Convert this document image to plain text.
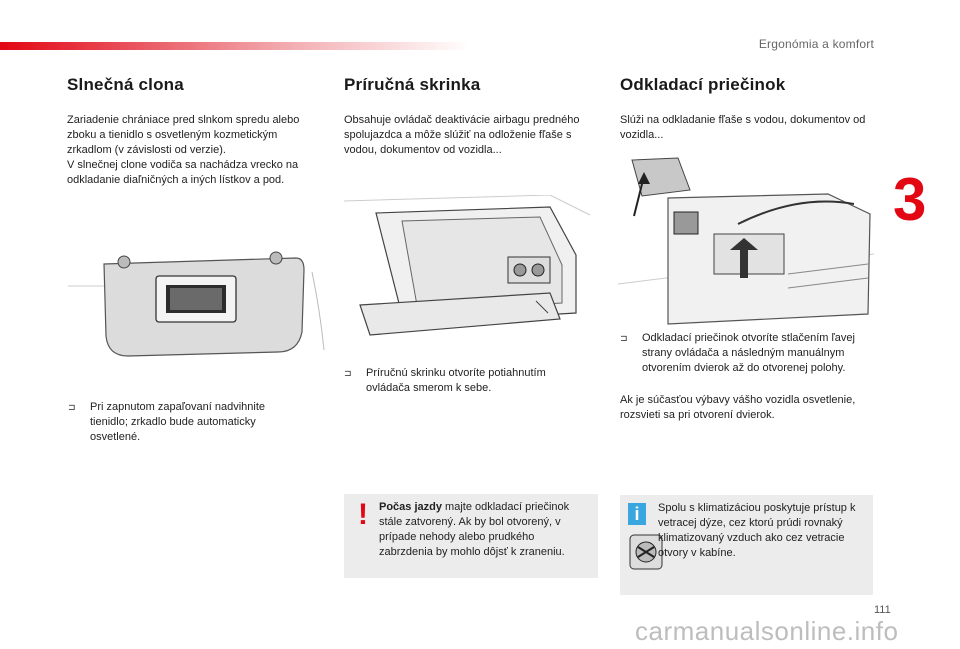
Ergonómia a komfort
3
Slnečná clona

Zariadenie chrániace pred slnkom spredu alebo zboku a tienidlo s osvetleným kozmetickým zrkadlom (v závislosti od verzie).

V slnečnej clone vodiča sa nachádza vrecko na odkladanie diaľničných a iných lístkov a pod.

⊐	Pri zapnutom zapaľovaní nadvihnite tienidlo; zrkadlo bude automaticky osvetlené.
Príručná skrinka

Obsahuje ovládač deaktivácie airbagu predného spolujazdca a môže slúžiť na odloženie fľaše s vodou, dokumentov od vozidla...

⊐	Príručnú skrinku otvoríte potiahnutím ovládača smerom k sebe.
! Počas jazdy majte odkladací priečinok stále zatvorený. Ak by bol otvorený, v prípade nehody alebo prudkého zabrzdenia by mohlo dôjsť k zraneniu.
Odkladací priečinok

Slúži na odkladanie fľaše s vodou, dokumentov od vozidla...

⊐	Odkladací priečinok otvoríte stlačením ľavej strany ovládača a následným manuálnym otvorením dvierok až do otvorenej polohy.

Ak je súčasťou výbavy vášho vozidla osvetlenie, rozsvieti sa pri otvorení dvierok.

i	Spolu s klimatizáciou poskytuje prístup k vetracej dýze, cez ktorú prúdi rovnaký klimatizovaný vzduch ako cez vetracie otvory v kabíne.
111
carmanualsonline.info
